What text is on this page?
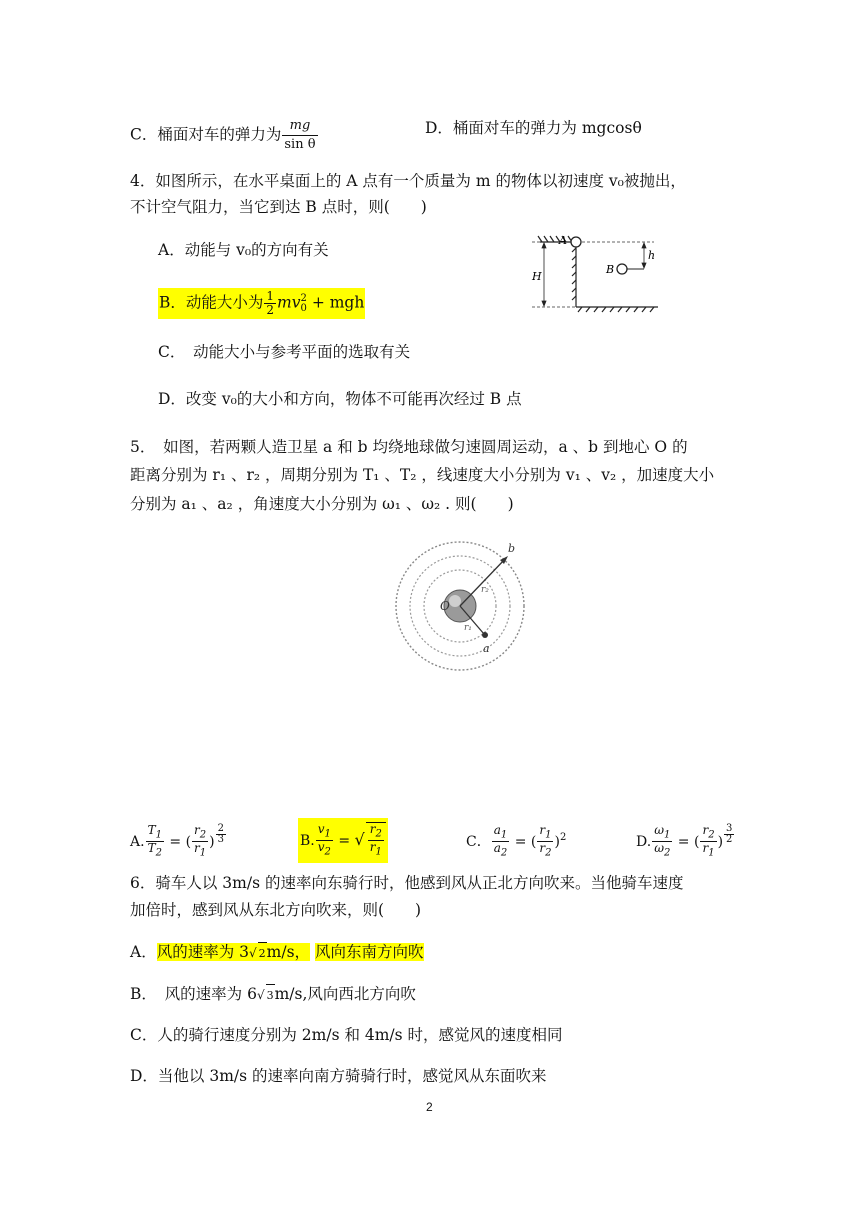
C．桶面对车的弹力为 $\frac{mg}{\text{sin θ}}$	D．桶面对车的弹力为 mgcosθ
4．如图所示，在水平桌面上的 A 点有一个质量为 m 的物体以初速度 v₀被抛出，
不计空气阻力，当它到达 B 点时，则(　　)
A．动能与 v₀的方向有关
B．动能大小为 $\frac{1}{2} mv2$
0 + mgh
C．　动能大小与参考平面的选取有关
D．改变 v₀的大小和方向，物体不可能再次经过 B 点
H
h
A
B
5．　如图，若两颗人造卫星 a 和 b 均绕地球做匀速圆周运动，a 、b 到地心 O 的
距离分别为 r₁ 、r₂ ，周期分别为 T₁ 、T₂ ，线速度大小分别为 v₁ 、v₂ ，加速度大小
分别为 a₁ 、a₂ ，角速度大小分别为 ω₁ 、ω₂ . 则(　　)
O
b
a
r₂
r₁
A. $\frac{T_1}{T_2}$ = ( $\frac{r_2}{r_1}$ ) $\frac{2}{3}$	B. $\frac{v_1}{v_2}$ = √ $\frac{r_2}{r_1}$	C． $\frac{a_1}{a_2}$ = ( $\frac{r_1}{r_2} )^2$	D. $\frac{\omega_1}{\omega_2}$ = ( $\frac{r_2}{r_1}$ ) $\frac{3}{2}$
6．骑车人以 3m/s 的速率向东骑行时，他感到风从正北方向吹来。当他骑车速度
加倍时，感到风从东北方向吹来，则(　　)
A．风的速率为 3√ 2m/s， 风向东南方向吹
B．　风的速率为 6√ 3m/s,风向西北方向吹
C．人的骑行速度分别为 2m/s 和 4m/s 时，感觉风的速度相同
D．当他以 3m/s 的速率向南方骑骑行时，感觉风从东面吹来
2
